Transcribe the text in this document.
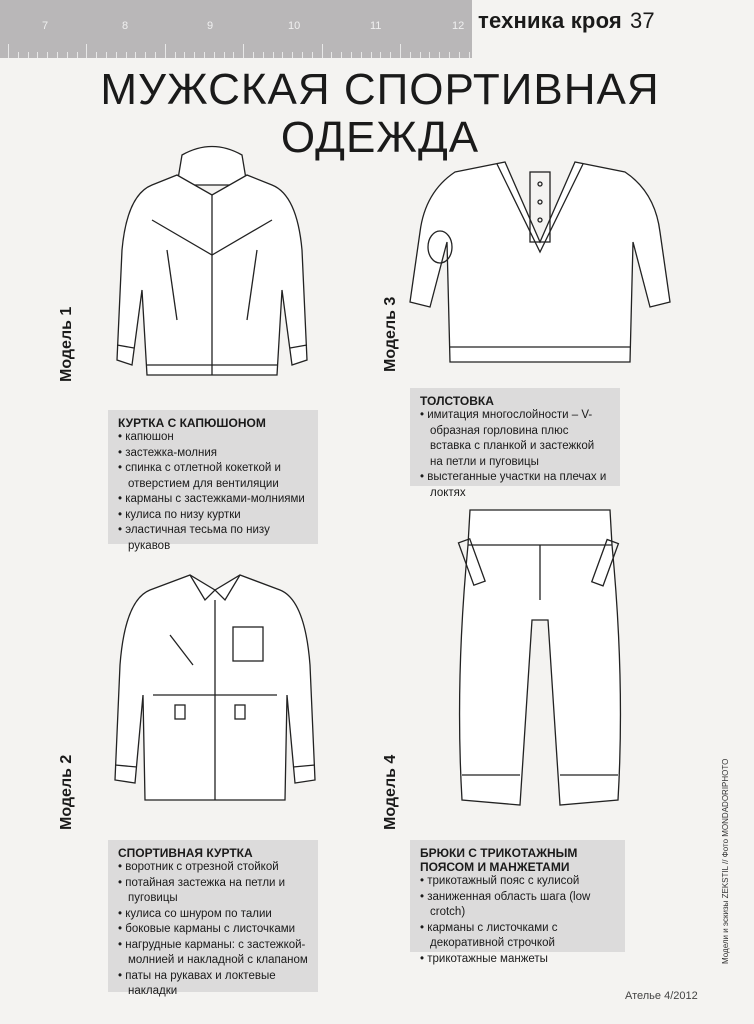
7	8	9	10	11	12 техника кроя 37
МУЖСКАЯ СПОРТИВНАЯ
ОДЕЖДА
Модель 1
КУРТКА С КАПЮШОНОМ
• капюшон
• застежка-молния
• спинка с отлетной кокеткой и отверстием для вентиляции
• карманы с застежками-молниями
• кулиса по низу куртки
• эластичная тесьма по низу рукавов
Модель 3
ТОЛСТОВКА
• имитация многослойности – V-образная горловина плюс вставка с планкой и застежкой на петли и пуговицы
• выстеганные участки на плечах и локтях
Модель 2
СПОРТИВНАЯ КУРТКА
• воротник с отрезной стойкой
• потайная застежка на петли и пуговицы
• кулиса со шнуром по талии
• боковые карманы с листочками
• нагрудные карманы: с застежкой-молнией и накладной с клапаном
• паты на рукавах и локтевые накладки
Модель 4
БРЮКИ С ТРИКОТАЖНЫМ ПОЯСОМ И МАНЖЕТАМИ
• трикотажный пояс с кулисой
• заниженная область шага (low crotch)
• карманы с листочками с декоративной строчкой
• трикотажные манжеты	Модели и эскизы ZEKSTIL // Фото MONDADORIPHOTO
Ателье 4/2012
